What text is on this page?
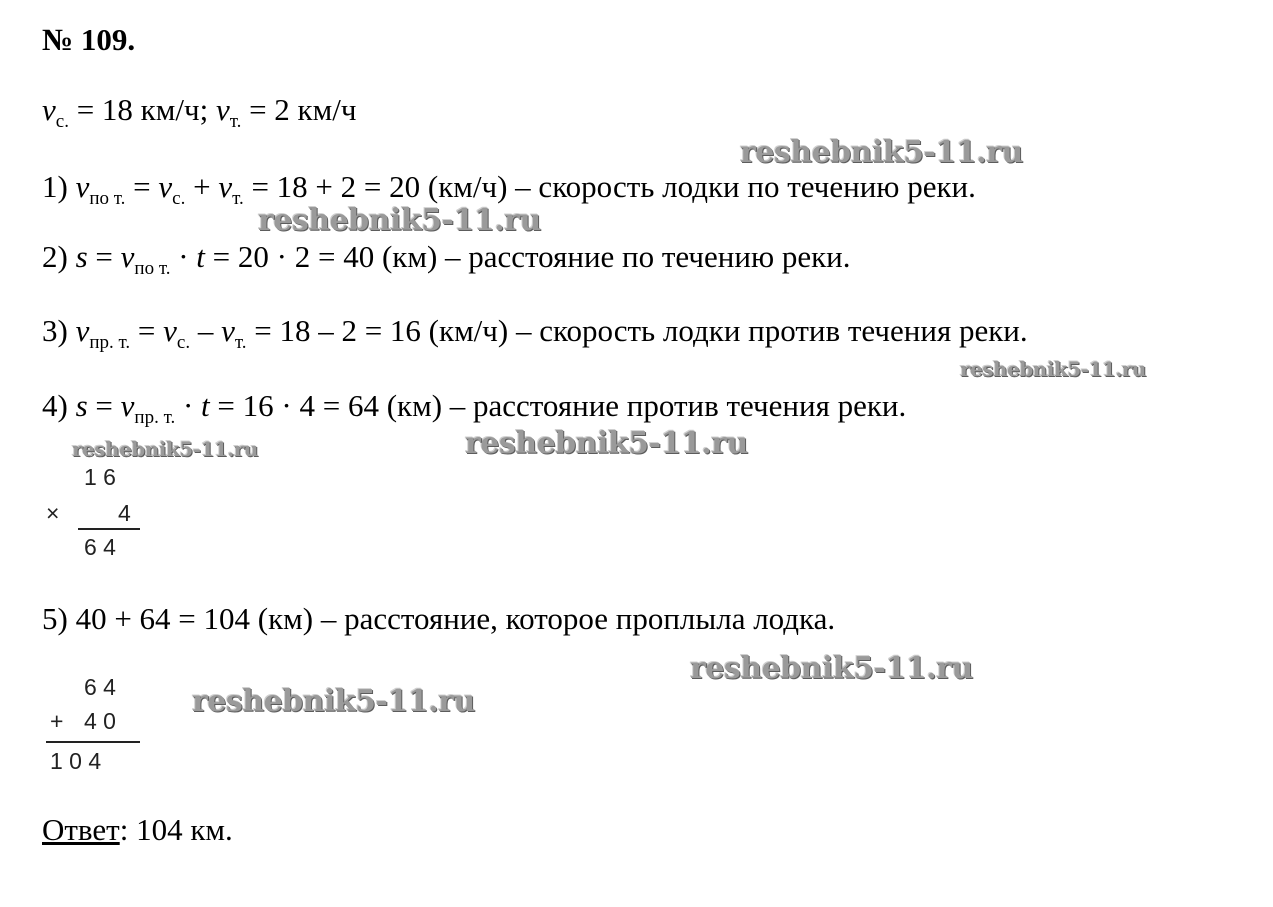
№ 109.
$v_{с.} = 18$ км/ч; $v_{т.} = 2$ км/ч
1) $v_{по т.} = v_{с.} + v_{т.} = 18 + 2 = 20$ (км/ч) – скорость лодки по течению реки.
2) $s = v_{по т.} \cdot t = 20 \cdot 2 = 40$ (км) – расстояние по течению реки.
3) $v_{пр. т.} = v_{с.} - v_{т.} = 18 - 2 = 16$ (км/ч) – скорость лодки против течения реки.
4) $s = v_{пр. т.} \cdot t = 16 \cdot 4 = 64$ (км) – расстояние против течения реки.
1 6
×	4
6 4
5) 40 + 64 = 104 (км) – расстояние, которое проплыла лодка.
6 4
+ 4 0
1 0 4
Ответ: 104 км.
reshebnik5-11.ru
reshebnik5-11.ru
reshebnik5-11.ru
reshebnik5-11.ru	reshebnik5-11.ru
reshebnik5-11.ru
reshebnik5-11.ru
